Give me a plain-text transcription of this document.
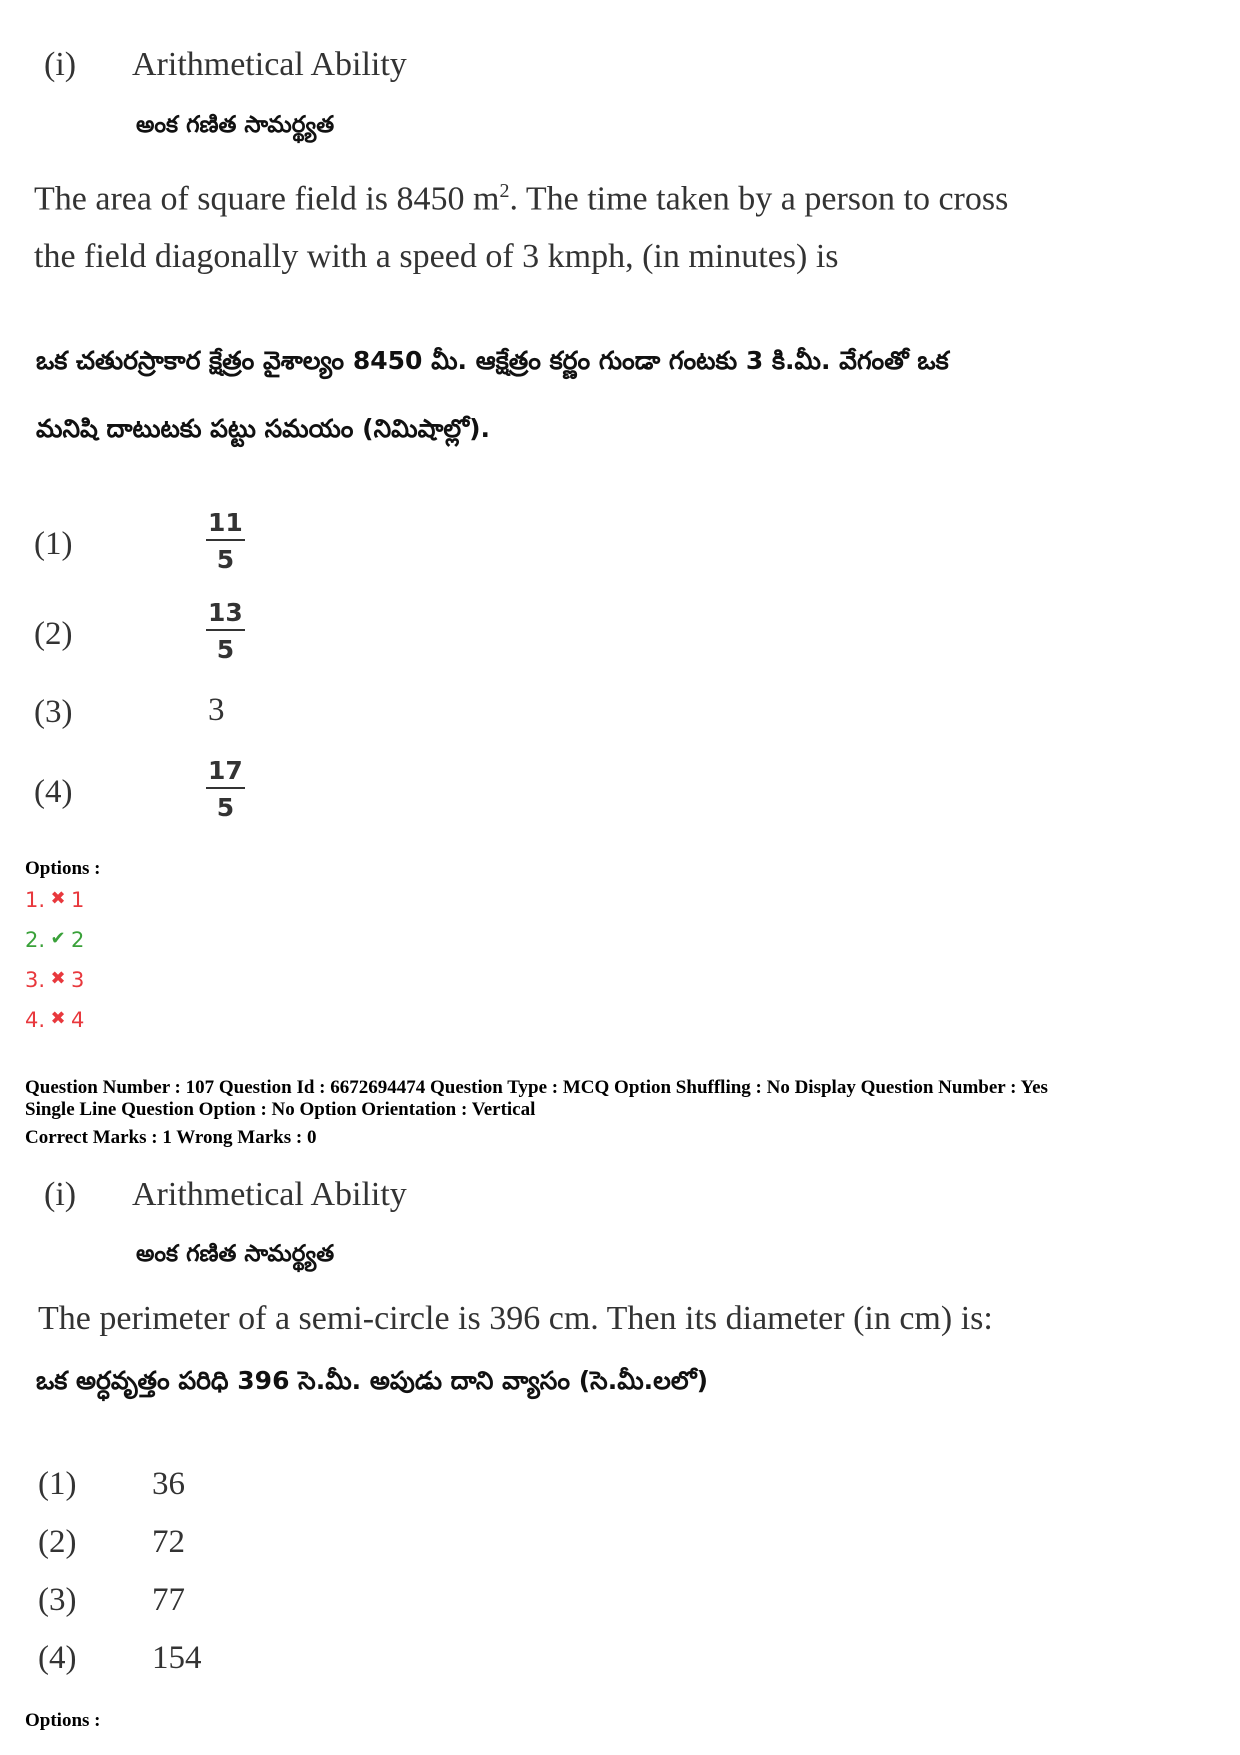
(i) Arithmetical Ability
అంక గణిత సామర్థ్యత
The area of square field is 8450 $m^2$. The time taken by a person to cross
the field diagonally with a speed of 3 kmph, (in minutes) is
ఒక చతురస్రాకార క్షేత్రం వైశాల్యం 8450 మీ. ఆక్షేత్రం కర్ణం గుండా గంటకు 3 కి.మీ. వేగంతో ఒక
మనిషి దాటుటకు పట్టు సమయం (నిమిషాల్లో).
(1)	$\frac{11}{5}$
(2)	$\frac{13}{5}$
(3)	3
(4)	$\frac{17}{5}$
Options :
1. ✖ 1
2. ✔ 2
3. ✖ 3
4. ✖ 4
Question Number : 107 Question Id : 6672694474 Question Type : MCQ Option Shuffling : No Display Question Number : Yes
Single Line Question Option : No Option Orientation : Vertical
Correct Marks : 1 Wrong Marks : 0
(i) Arithmetical Ability
అంక గణిత సామర్థ్యత
The perimeter of a semi-circle is 396 cm. Then its diameter (in cm) is:
ఒక అర్ధవృత్తం పరిధి 396 సె.మీ. అపుడు దాని వ్యాసం (సె.మీ.లలో)
(1) 36
(2) 72
(3) 77
(4) 154
Options :
